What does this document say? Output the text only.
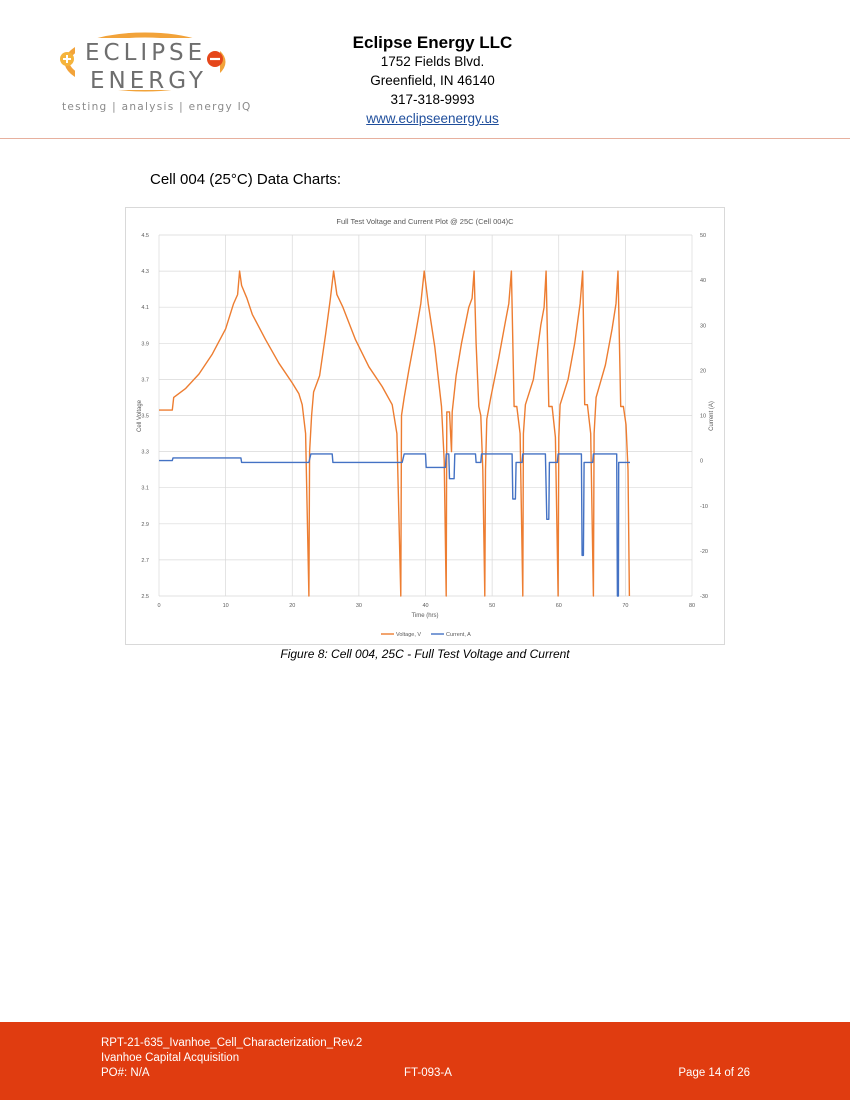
ECLIPSE
ENERGY
testing | analysis | energy IQ
Eclipse Energy LLC
1752 Fields Blvd.
Greenfield, IN 46140
317-318-9993
www.eclipseenergy.us
Cell 004 (25°C) Data Charts:
Full Test Voltage and Current Plot @ 25C (Cell 004)C
2.5
2.7
2.9
3.1
3.3
3.5
3.7
3.9
4.1
4.3
4.5
-30
-20
-10
0
10
20
30
40
50
0	10	20	30	40	50	60	70	80
Time (hrs)
Cell Voltage	Current (A)
Voltage, V	Current, A
Figure 8: Cell 004, 25C - Full Test Voltage and Current
RPT-21-635_Ivanhoe_Cell_Characterization_Rev.2
Ivanhoe Capital Acquisition
PO#: N/A	FT-093-A	Page 14 of 26
